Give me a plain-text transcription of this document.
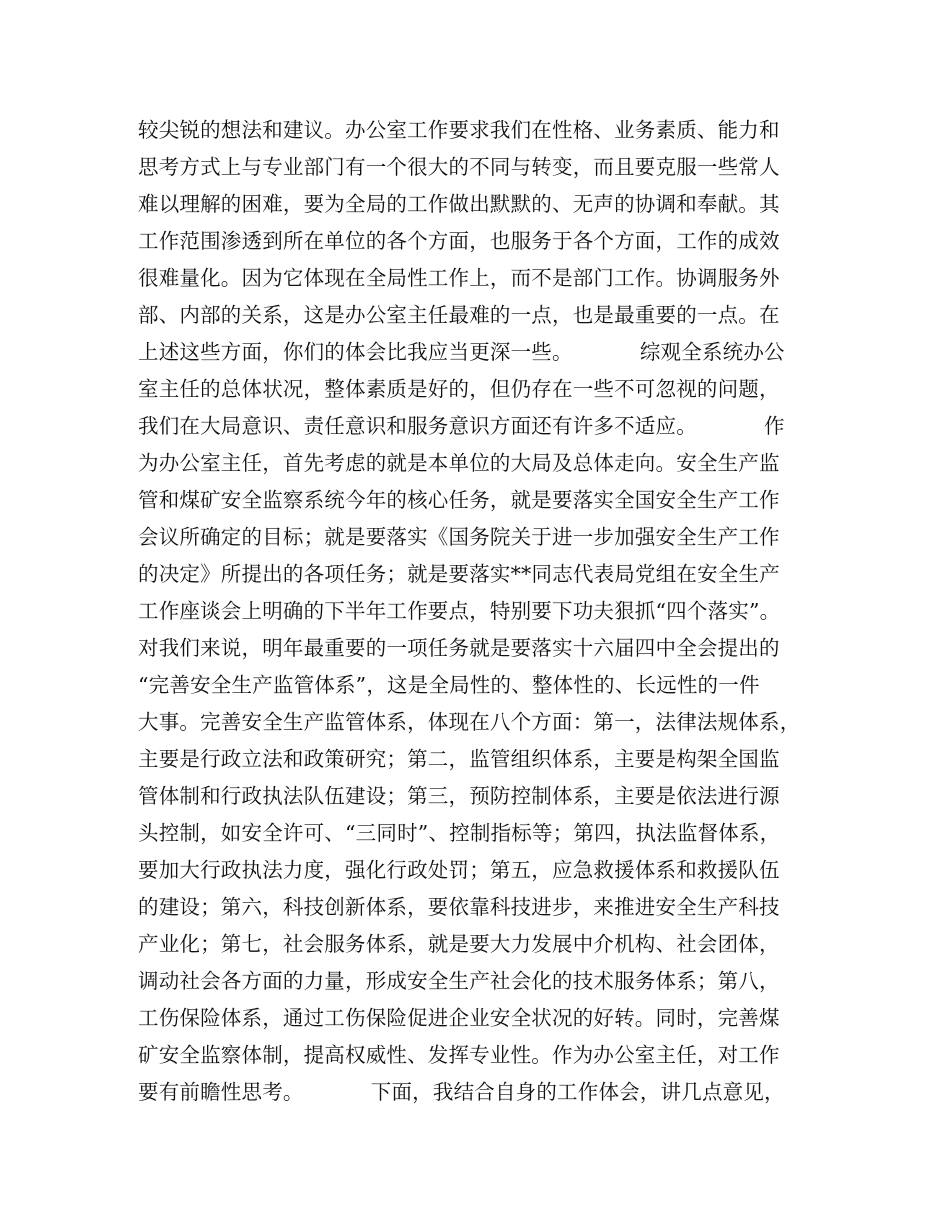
较尖锐的想法和建议。办公室工作要求我们在性格、业务素质、能力和
思考方式上与专业部门有一个很大的不同与转变，而且要克服一些常人
难以理解的困难，要为全局的工作做出默默的、无声的协调和奉献。其
工作范围渗透到所在单位的各个方面，也服务于各个方面，工作的成效
很难量化。因为它体现在全局性工作上，而不是部门工作。协调服务外
部、内部的关系，这是办公室主任最难的一点，也是最重要的一点。在
上述这些方面，你们的体会比我应当更深一些。          综观全系统办公
室主任的总体状况，整体素质是好的，但仍存在一些不可忽视的问题，
我们在大局意识、责任意识和服务意识方面还有许多不适应。          作
为办公室主任，首先考虑的就是本单位的大局及总体走向。安全生产监
管和煤矿安全监察系统今年的核心任务，就是要落实全国安全生产工作
会议所确定的目标；就是要落实《国务院关于进一步加强安全生产工作
的决定》所提出的各项任务；就是要落实**同志代表局党组在安全生产
工作座谈会上明确的下半年工作要点，特别要下功夫狠抓“四个落实”。
对我们来说，明年最重要的一项任务就是要落实十六届四中全会提出的
“完善安全生产监管体系”，这是全局性的、整体性的、长远性的一件
大事。完善安全生产监管体系，体现在八个方面：第一，法律法规体系，
主要是行政立法和政策研究；第二，监管组织体系，主要是构架全国监
管体制和行政执法队伍建设；第三，预防控制体系，主要是依法进行源
头控制，如安全许可、“三同时”、控制指标等；第四，执法监督体系，
要加大行政执法力度，强化行政处罚；第五，应急救援体系和救援队伍
的建设；第六，科技创新体系，要依靠科技进步，来推进安全生产科技
产业化；第七，社会服务体系，就是要大力发展中介机构、社会团体，
调动社会各方面的力量，形成安全生产社会化的技术服务体系；第八，
工伤保险体系，通过工伤保险促进企业安全状况的好转。同时，完善煤
矿安全监察体制，提高权威性、发挥专业性。作为办公室主任，对工作
要有前瞻性思考。          下面，我结合自身的工作体会，讲几点意见，
